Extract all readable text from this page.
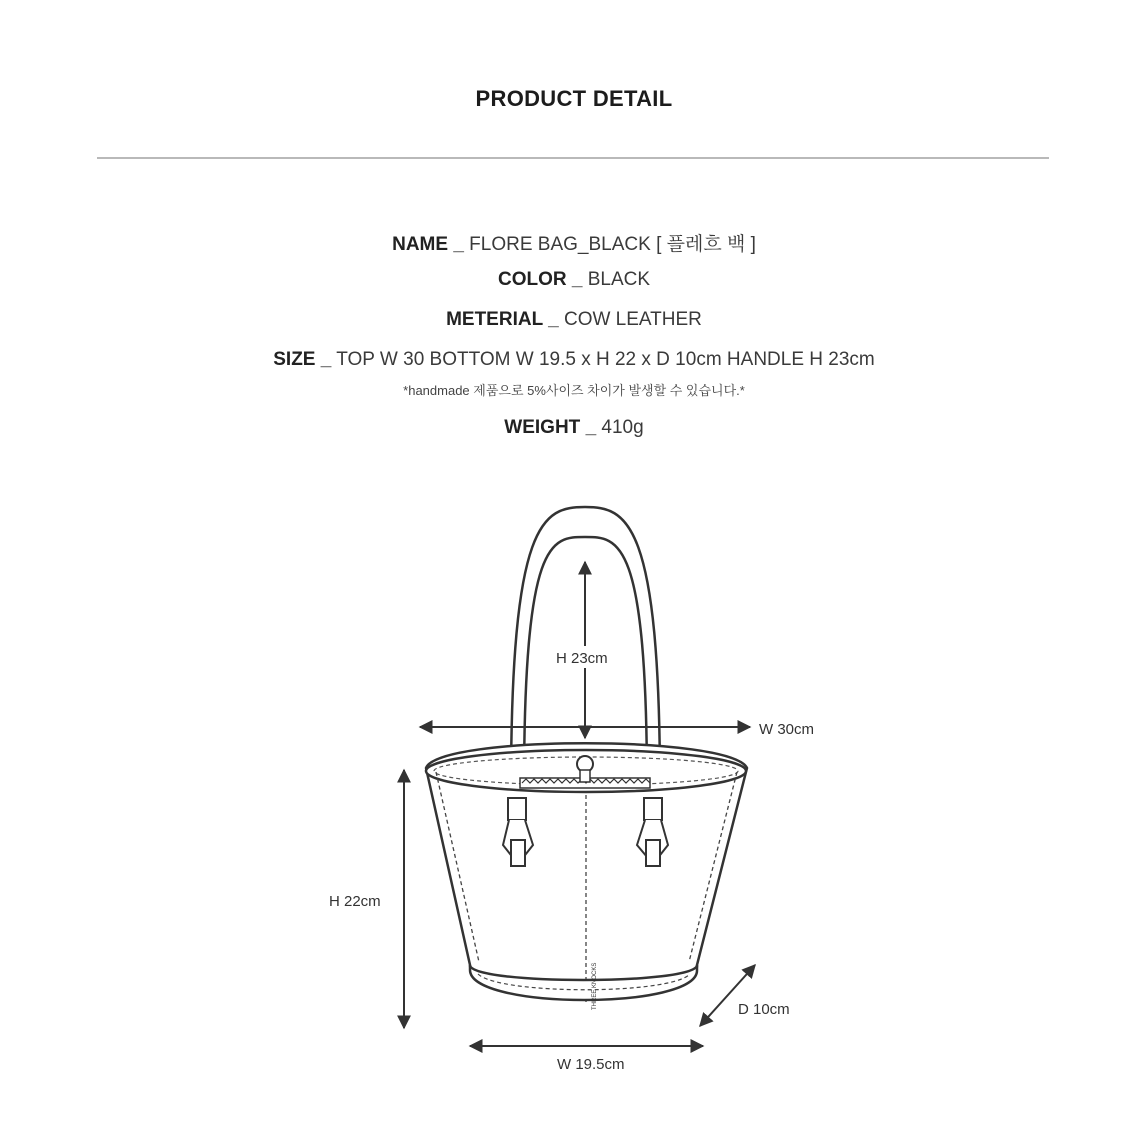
PRODUCT DETAIL
NAME _ FLORE BAG_BLACK [ 플레흐 백 ]
COLOR _ BLACK
METERIAL _ COW LEATHER
SIZE _ TOP W 30 BOTTOM W 19.5 x H 22 x D 10cm HANDLE H 23cm
*handmade 제품으로 5%사이즈 차이가 발생할 수 있습니다.*
WEIGHT _ 410g
THREE KNOCKS
H 23cm
W 30cm
H 22cm
D 10cm
W 19.5cm
